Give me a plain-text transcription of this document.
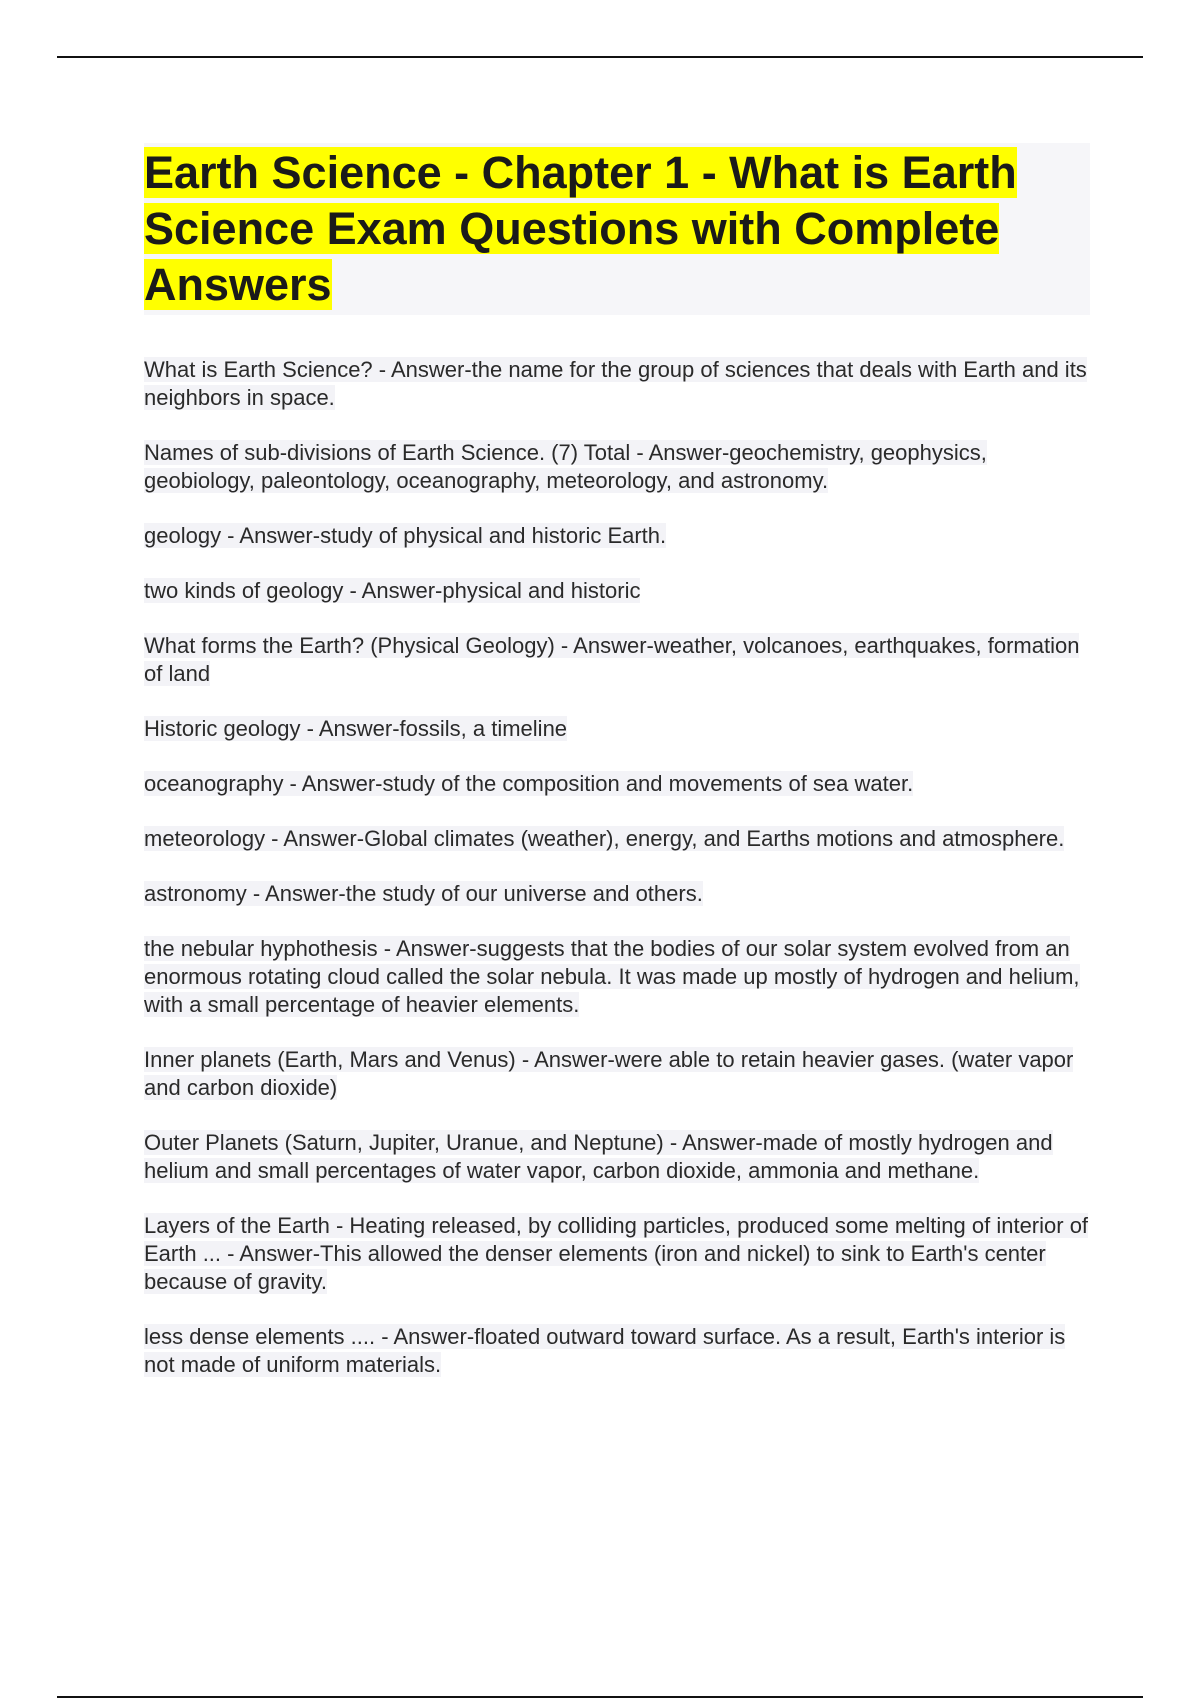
Earth Science - Chapter 1 - What is Earth Science Exam Questions with Complete Answers

What is Earth Science? - Answer-the name for the group of sciences that deals with Earth and its neighbors in space.

Names of sub-divisions of Earth Science. (7) Total - Answer-geochemistry, geophysics, geobiology, paleontology, oceanography, meteorology, and astronomy.

geology - Answer-study of physical and historic Earth.

two kinds of geology - Answer-physical and historic

What forms the Earth? (Physical Geology) - Answer-weather, volcanoes, earthquakes, formation of land

Historic geology - Answer-fossils, a timeline

oceanography - Answer-study of the composition and movements of sea water.

meteorology - Answer-Global climates (weather), energy, and Earths motions and atmosphere.

astronomy - Answer-the study of our universe and others.

the nebular hyphothesis - Answer-suggests that the bodies of our solar system evolved from an enormous rotating cloud called the solar nebula. It was made up mostly of hydrogen and helium, with a small percentage of heavier elements.

Inner planets (Earth, Mars and Venus) - Answer-were able to retain heavier gases. (water vapor and carbon dioxide)

Outer Planets (Saturn, Jupiter, Uranue, and Neptune) - Answer-made of mostly hydrogen and helium and small percentages of water vapor, carbon dioxide, ammonia and methane.

Layers of the Earth - Heating released, by colliding particles, produced some melting of interior of Earth ... - Answer-This allowed the denser elements (iron and nickel) to sink to Earth's center because of gravity.

less dense elements .... - Answer-floated outward toward surface. As a result, Earth's interior is not made of uniform materials.
